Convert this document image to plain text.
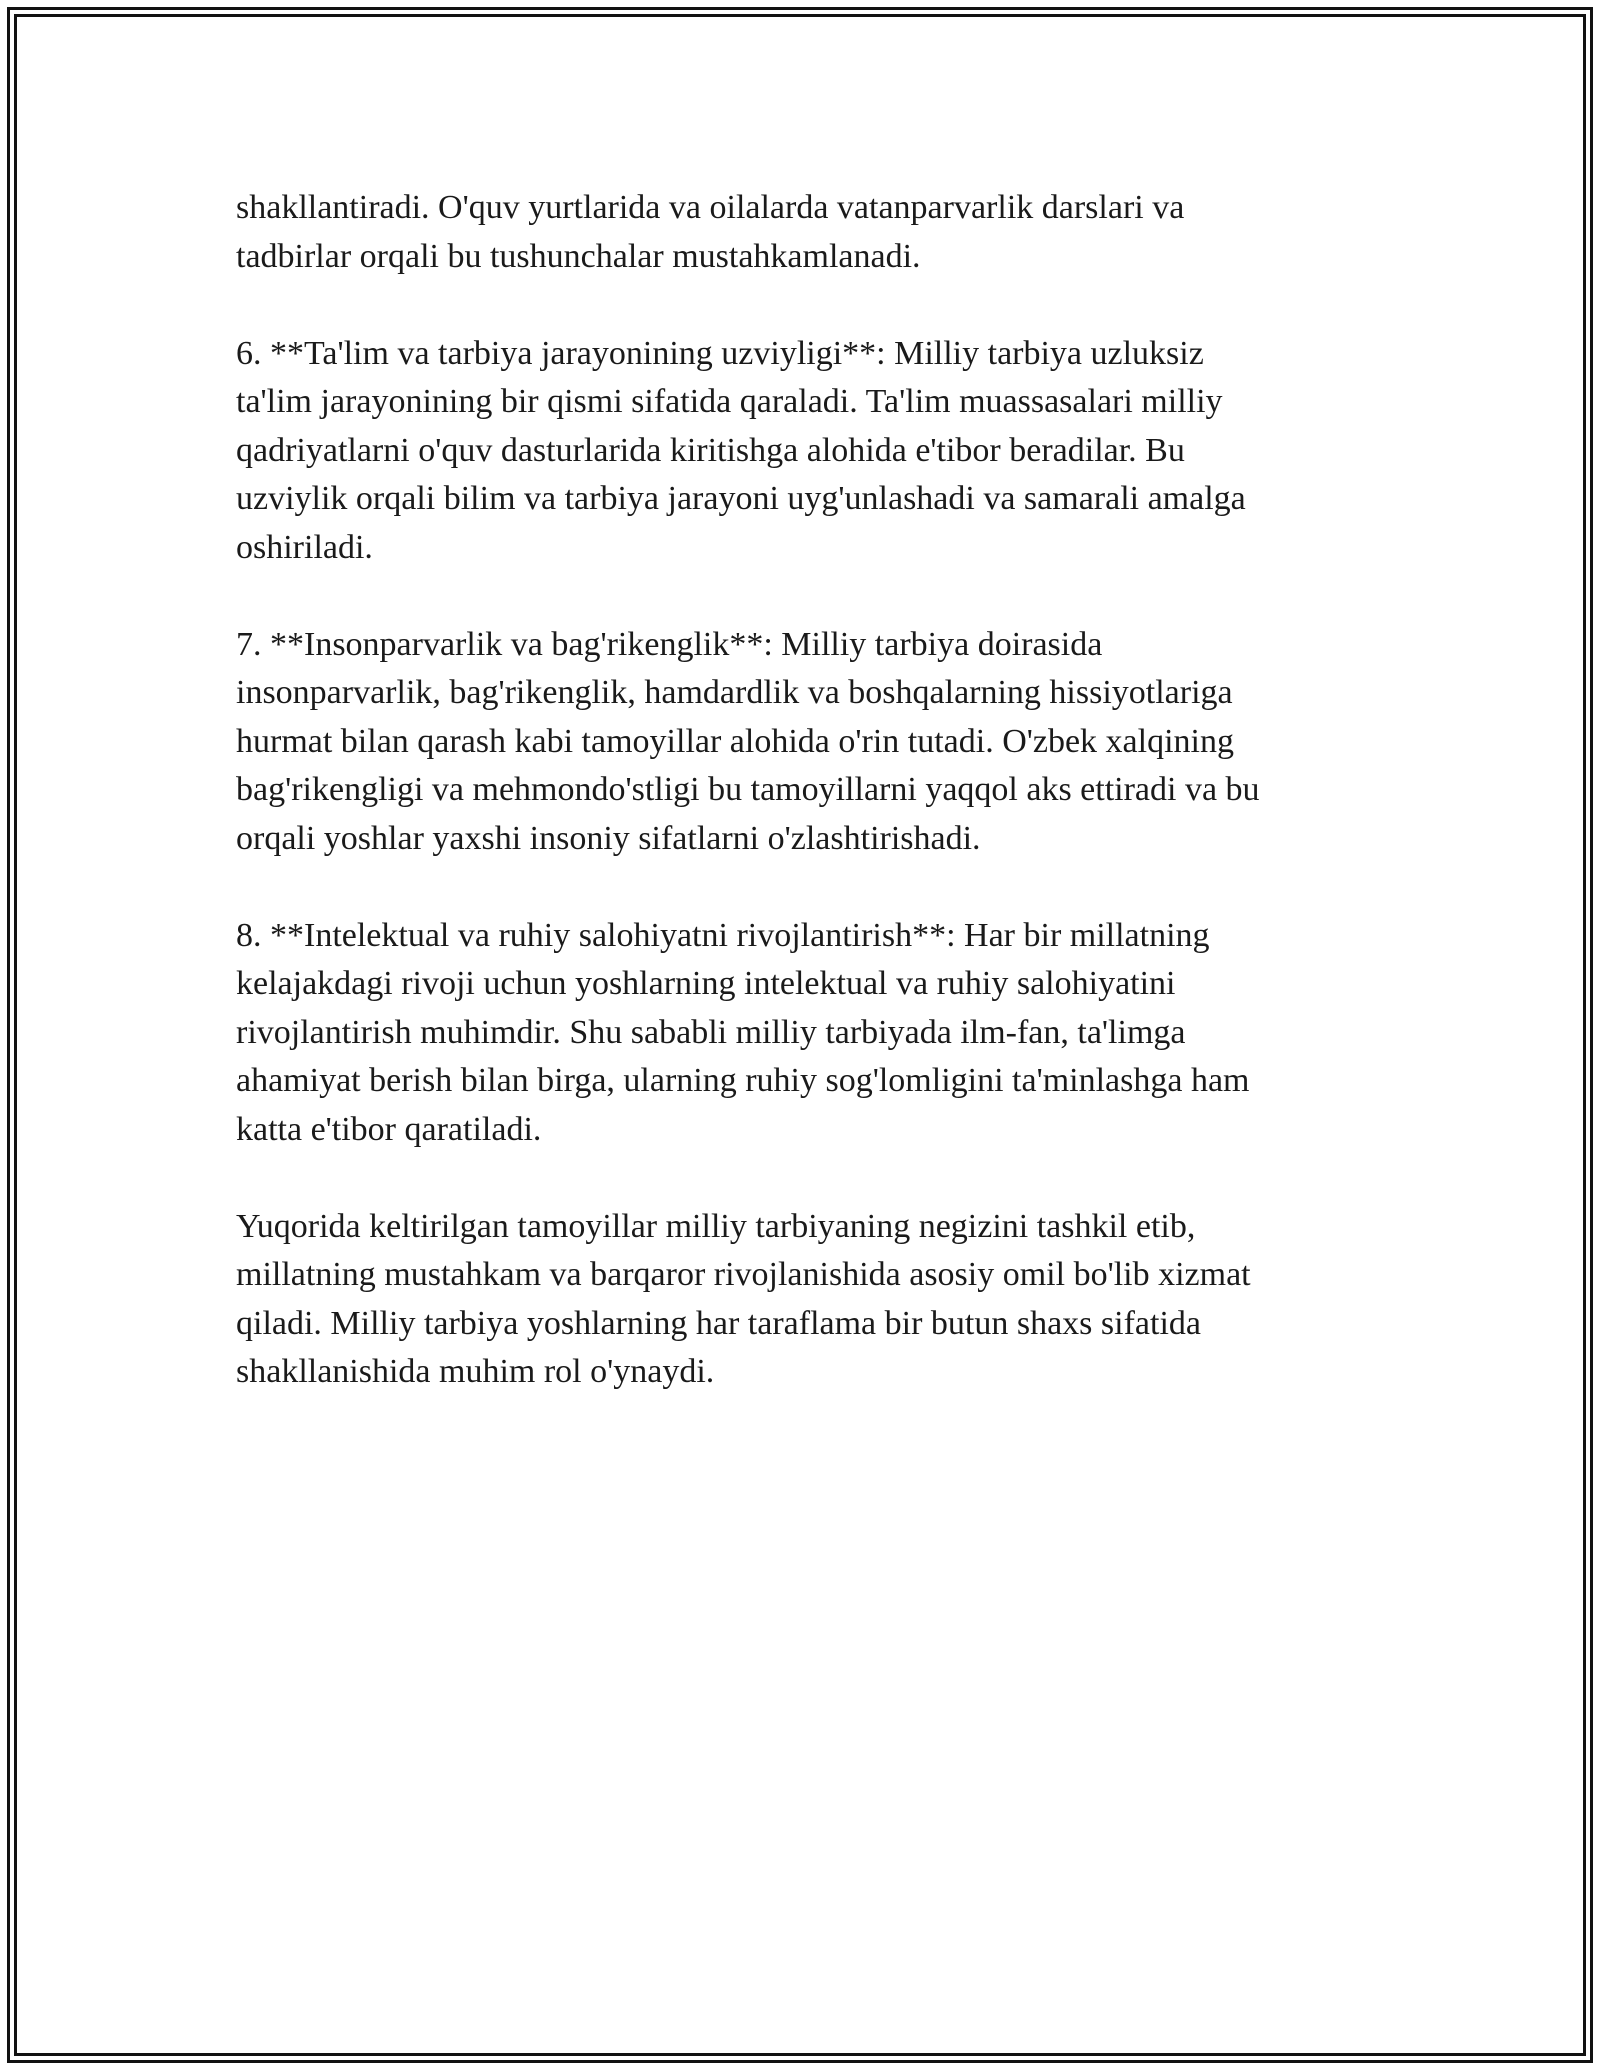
shakllantiradi. O'quv yurtlarida va oilalarda vatanparvarlik darslari va
tadbirlar orqali bu tushunchalar mustahkamlanadi.

6. **Ta'lim va tarbiya jarayonining uzviyligi**: Milliy tarbiya uzluksiz
ta'lim jarayonining bir qismi sifatida qaraladi. Ta'lim muassasalari milliy
qadriyatlarni o'quv dasturlarida kiritishga alohida e'tibor beradilar. Bu
uzviylik orqali bilim va tarbiya jarayoni uyg'unlashadi va samarali amalga
oshiriladi.

7. **Insonparvarlik va bag'rikenglik**: Milliy tarbiya doirasida
insonparvarlik, bag'rikenglik, hamdardlik va boshqalarning hissiyotlariga
hurmat bilan qarash kabi tamoyillar alohida o'rin tutadi. O'zbek xalqining
bag'rikengligi va mehmondo'stligi bu tamoyillarni yaqqol aks ettiradi va bu
orqali yoshlar yaxshi insoniy sifatlarni o'zlashtirishadi.

8. **Intelektual va ruhiy salohiyatni rivojlantirish**: Har bir millatning
kelajakdagi rivoji uchun yoshlarning intelektual va ruhiy salohiyatini
rivojlantirish muhimdir. Shu sababli milliy tarbiyada ilm-fan, ta'limga
ahamiyat berish bilan birga, ularning ruhiy sog'lomligini ta'minlashga ham
katta e'tibor qaratiladi.

Yuqorida keltirilgan tamoyillar milliy tarbiyaning negizini tashkil etib,
millatning mustahkam va barqaror rivojlanishida asosiy omil bo'lib xizmat
qiladi. Milliy tarbiya yoshlarning har taraflama bir butun shaxs sifatida
shakllanishida muhim rol o'ynaydi.
